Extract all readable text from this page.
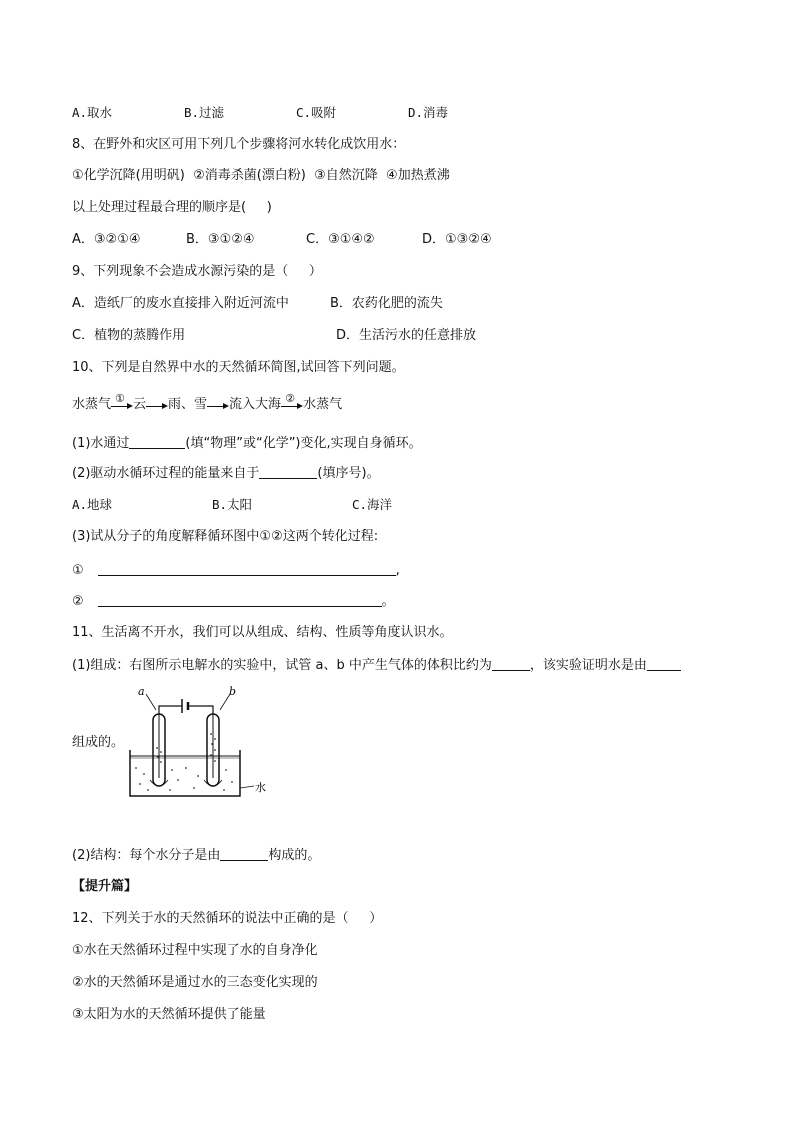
A.取水	B.过滤	C.吸附	D.消毒
8、在野外和灾区可用下列几个步骤将河水转化成饮用水：
①化学沉降(用明矾)  ②消毒杀菌(漂白粉)  ③自然沉降  ④加热煮沸
以上处理过程最合理的顺序是(     )
A．③②①④	B．③①②④	C．③①④②	D．①③②④
9、下列现象不会造成水源污染的是（     ）
A．造纸厂的废水直接排入附近河流中	B．农药化肥的流失
C．植物的蒸腾作用	D．生活污水的任意排放
10、下列是自然界中水的天然循环简图,试回答下列问题。
水蒸气 ① 云 雨、雪 流入大海 ② 水蒸气
(1)水通过	(填“物理”或“化学”)变化,实现自身循环。
(2)驱动水循环过程的能量来自于	(填序号)。
A.地球	B.太阳	C.海洋
(3)试从分子的角度解释循环图中①②这两个转化过程:
①	,
②	。
11、生活离不开水，我们可以从组成、结构、性质等角度认识水。
(1)组成：右图所示电解水的实验中，试管 a、b 中产生气体的体积比约为	，该实验证明水是由
a	b
水
组成的。
(2)结构：每个水分子是由	构成的。
【提升篇】
12、下列关于水的天然循环的说法中正确的是（     ）
①水在天然循环过程中实现了水的自身净化
②水的天然循环是通过水的三态变化实现的
③太阳为水的天然循环提供了能量
